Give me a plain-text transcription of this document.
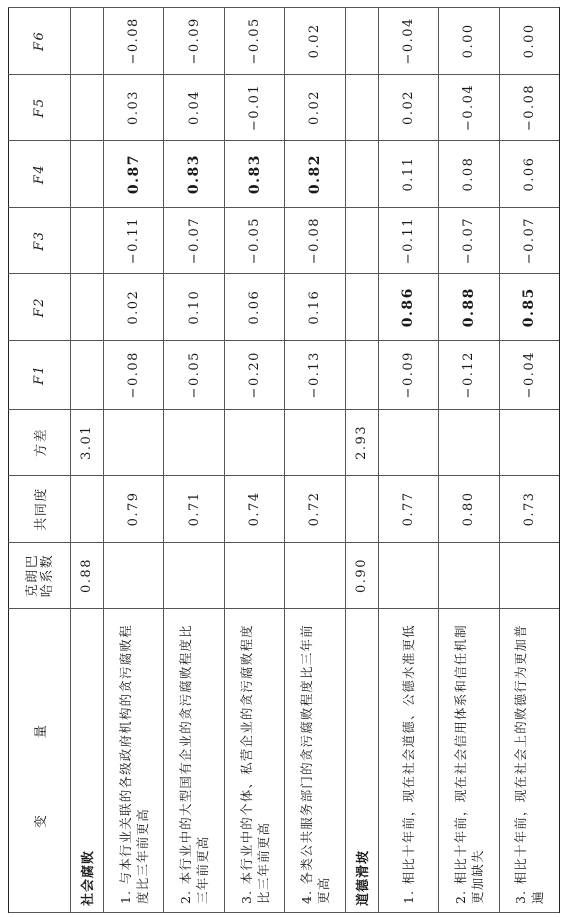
变　量	克朗巴 哈系数	共同度	方差	F1	F2	F3	F4	F5	F6
社会腐败	0.88		3.01						
1. 与本行业关联的各级政府机构的贪污腐败程度比三年前更高		0.79		−0.08	0.02	−0.11	0.87	0.03	−0.08
2. 本行业中的大型国有企业的贪污腐败程度比三年前更高		0.71		−0.05	0.10	−0.07	0.83	0.04	−0.09
3. 本行业中的个体、私营企业的贪污腐败程度比三年前更高		0.74		−0.20	0.06	−0.05	0.83	−0.01	−0.05
4. 各类公共服务部门的贪污腐败程度比三年前更高		0.72		−0.13	0.16	−0.08	0.82	0.02	0.02
道德滑坡	0.90		2.93						
1. 相比十年前，现在社会道德、公德水准更低		0.77		−0.09	0.86	−0.11	0.11	0.02	−0.04
2. 相比十年前，现在社会信用体系和信任机制更加缺失		0.80		−0.12	0.88	−0.07	0.08	−0.04	0.00
3. 相比十年前，现在社会上的败德行为更加普遍		0.73		−0.04	0.85	−0.07	0.06	−0.08	0.00
